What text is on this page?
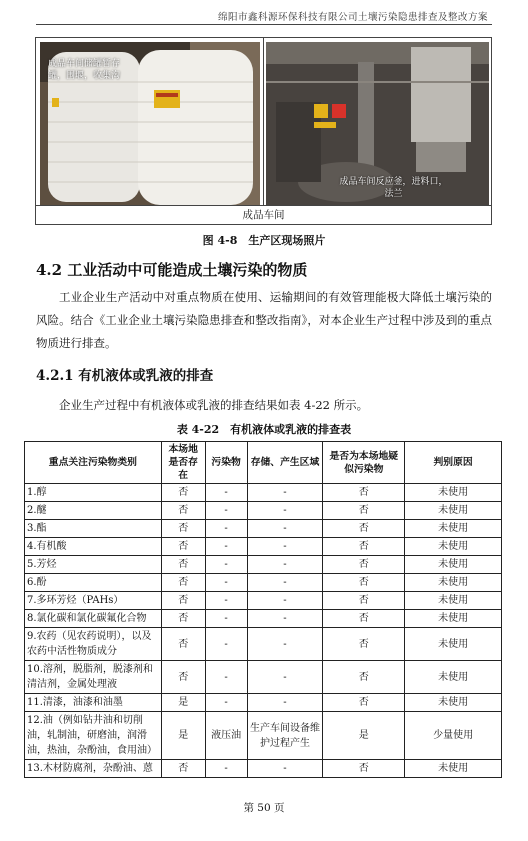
绵阳市鑫科源环保科技有限公司土壤污染隐患排查及整改方案
成品车间储罐暂存罐，围堰，收集沟
成品车间反应釜，进料口，法兰
成品车间
图 4-8　生产区现场照片
4.2 工业活动中可能造成土壤污染的物质
工业企业生产活动中对重点物质在使用、运输期间的有效管理能极大降低土壤污染的风险。结合《工业企业土壤污染隐患排查和整改指南》，对本企业生产过程中涉及到的重点物质进行排查。
4.2.1 有机液体或乳液的排查
企业生产过程中有机液体或乳液的排查结果如表 4-22 所示。
表 4-22　有机液体或乳液的排查表
重点关注污染物类别	本场地是否存在	污染物	存储、产生区域	是否为本场地疑似污染物	判别原因
1.醇	否	-	-	否	未使用
2.醚	否	-	-	否	未使用
3.酯	否	-	-	否	未使用
4.有机酸	否	-	-	否	未使用
5.芳烃	否	-	-	否	未使用
6.酚	否	-	-	否	未使用
7.多环芳烃（PAHs）	否	-	-	否	未使用
8.氯化碳和氯化碳氟化合物	否	-	-	否	未使用
9.农药（见农药说明），以及农药中活性物质成分	否	-	-	否	未使用
10.溶剂，脱脂剂，脱漆剂和清洁剂，金属处理液	否	-	-	否	未使用
11.清漆，油漆和油墨	是	-	-	否	未使用
12.油（例如钻井油和切削油，轧制油，研磨油，润滑油，热油，杂酚油，食用油）	是	液压油	生产车间设备维护过程产生	是	少量使用
13.木材防腐剂，杂酚油、蒽	否	-	-	否	未使用
第 50 页
